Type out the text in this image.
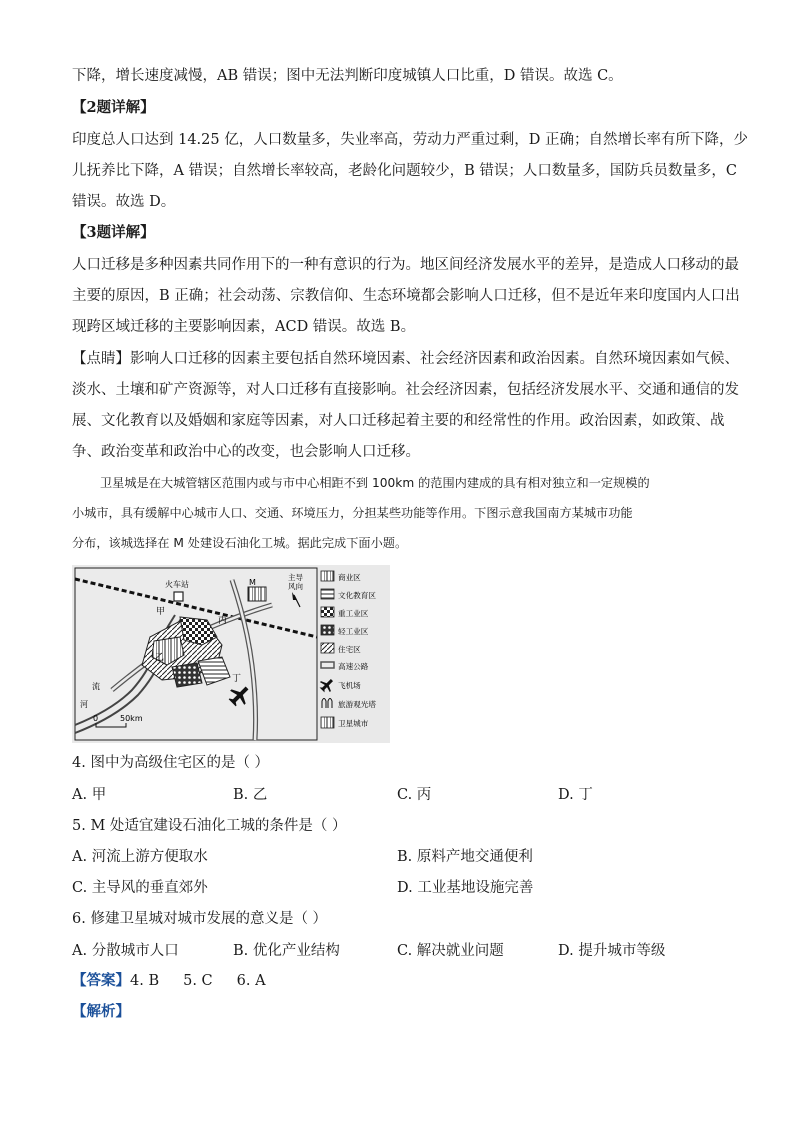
下降，增长速度减慢，AB 错误；图中无法判断印度城镇人口比重，D 错误。故选 C。
【2题详解】
印度总人口达到 14.25 亿，人口数量多，失业率高，劳动力严重过剩，D 正确；自然增长率有所下降，少
儿抚养比下降，A 错误；自然增长率较高，老龄化问题较少，B 错误；人口数量多，国防兵员数量多，C
错误。故选 D。
【3题详解】
人口迁移是多种因素共同作用下的一种有意识的行为。地区间经济发展水平的差异，是造成人口移动的最
主要的原因，B 正确；社会动荡、宗教信仰、生态环境都会影响人口迁移，但不是近年来印度国内人口出
现跨区域迁移的主要影响因素，ACD 错误。故选 B。
【点睛】影响人口迁移的因素主要包括自然环境因素、社会经济因素和政治因素。自然环境因素如气候、
淡水、土壤和矿产资源等，对人口迁移有直接影响。社会经济因素，包括经济发展水平、交通和通信的发
展、文化教育以及婚姻和家庭等因素，对人口迁移起着主要的和经常性的作用。政治因素，如政策、战
争、政治变革和政治中心的改变，也会影响人口迁移。
卫星城是在大城管辖区范围内或与市中心相距不到 100km 的范围内建成的具有相对独立和一定规模的
小城市，具有缓解中心城市人口、交通、环境压力，分担某些功能等作用。下图示意我国南方某城市功能
分布，该城选择在 M 处建设石油化工城。据此完成下面小题。
火车站
甲
乙
丙
丁
M
主导
风向
流
河
0	50km
商业区
文化教育区
重工业区
轻工业区
住宅区
高速公路
飞机场
旅游观光塔
卫星城市
4. 图中为高级住宅区的是（ ）
A. 甲	B. 乙	C. 丙	D. 丁
5. M 处适宜建设石油化工城的条件是（ ）
A. 河流上游方便取水	B. 原料产地交通便利
C. 主导风的垂直郊外	D. 工业基地设施完善
6. 修建卫星城对城市发展的意义是（ ）
A. 分散城市人口	B. 优化产业结构	C. 解决就业问题	D. 提升城市等级
【答案】4. B 5. C 6. A
【解析】
